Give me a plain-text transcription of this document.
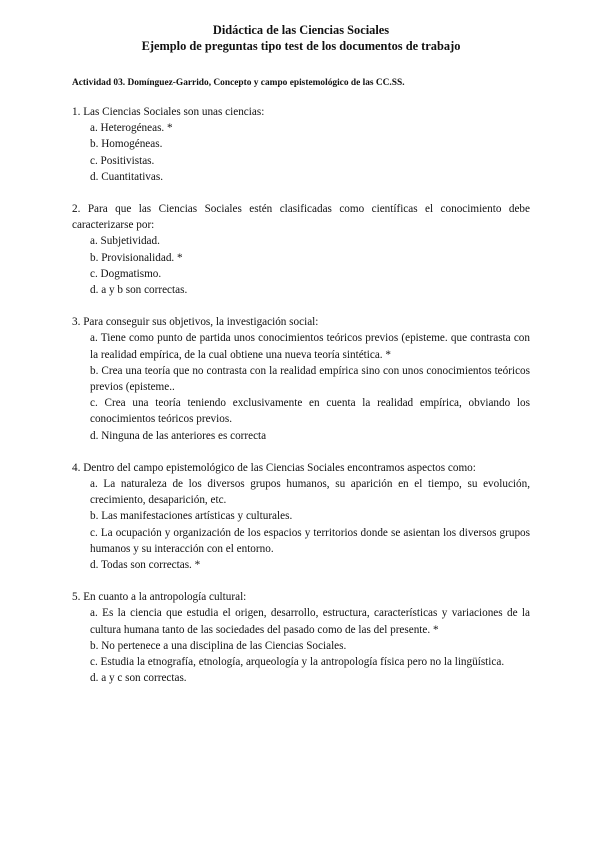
Didáctica de las Ciencias Sociales
Ejemplo de preguntas tipo test de los documentos de trabajo
Actividad 03. Domínguez-Garrido, Concepto y campo epistemológico de las CC.SS.
1. Las Ciencias Sociales son unas ciencias:
a. Heterogéneas. *
b. Homogéneas.
c. Positivistas.
d. Cuantitativas.
2. Para que las Ciencias Sociales estén clasificadas como científicas el conocimiento debe caracterizarse por:
a. Subjetividad.
b. Provisionalidad. *
c. Dogmatismo.
d. a y b son correctas.
3. Para conseguir sus objetivos, la investigación social:
a. Tiene como punto de partida unos conocimientos teóricos previos (episteme. que contrasta con la realidad empírica, de la cual obtiene una nueva teoría sintética. *
b. Crea una teoría que no contrasta con la realidad empírica sino con unos conocimientos teóricos previos (episteme..
c. Crea una teoría teniendo exclusivamente en cuenta la realidad empírica, obviando los conocimientos teóricos previos.
d. Ninguna de las anteriores es correcta
4. Dentro del campo epistemológico de las Ciencias Sociales encontramos aspectos como:
a. La naturaleza de los diversos grupos humanos, su aparición en el tiempo, su evolución, crecimiento, desaparición, etc.
b. Las manifestaciones artísticas y culturales.
c. La ocupación y organización de los espacios y territorios donde se asientan los diversos grupos humanos y su interacción con el entorno.
d. Todas son correctas. *
5. En cuanto a la antropología cultural:
a. Es la ciencia que estudia el origen, desarrollo, estructura, características y variaciones de la cultura humana tanto de las sociedades del pasado como de las del presente. *
b. No pertenece a una disciplina de las Ciencias Sociales.
c. Estudia la etnografía, etnología, arqueología y la antropología física pero no la lingüística.
d. a y c son correctas.
